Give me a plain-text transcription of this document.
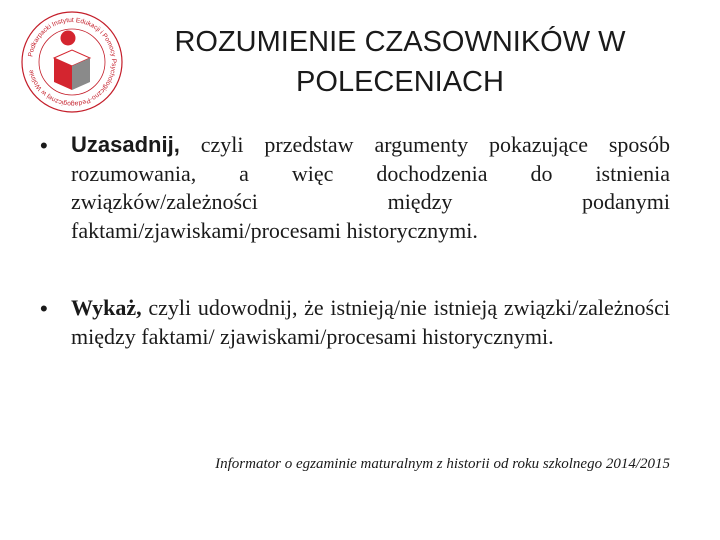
Podkarpacki Instytut Edukacji i Pomocy Psychologiczno-Pedagogicznej w Wolinie
ROZUMIENIE CZASOWNIKÓW W
POLECENIACH
• Uzasadnij, czyli przedstaw argumenty pokazujące sposób rozumowania, a więc dochodzenia do istnienia związków/zależności między podanymi faktami/zjawiskami/procesami historycznymi.

• Wykaż, czyli udowodnij, że istnieją/nie istnieją związki/zależności między faktami/ zjawiskami/procesami historycznymi.

Informator o egzaminie maturalnym z historii od roku szkolnego 2014/2015
